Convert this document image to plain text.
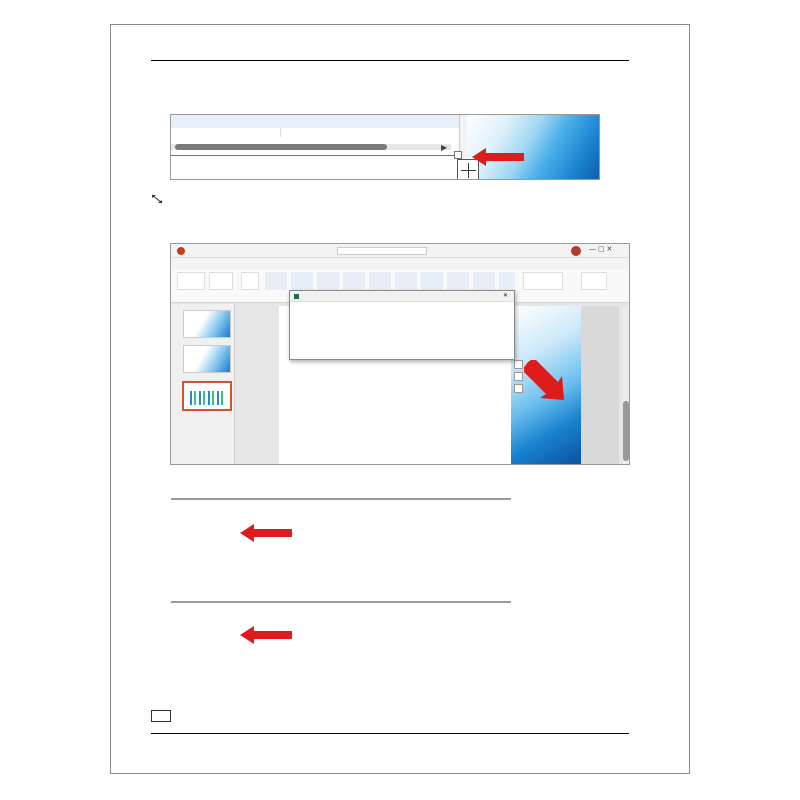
▶
— ▢ ✕
✕
